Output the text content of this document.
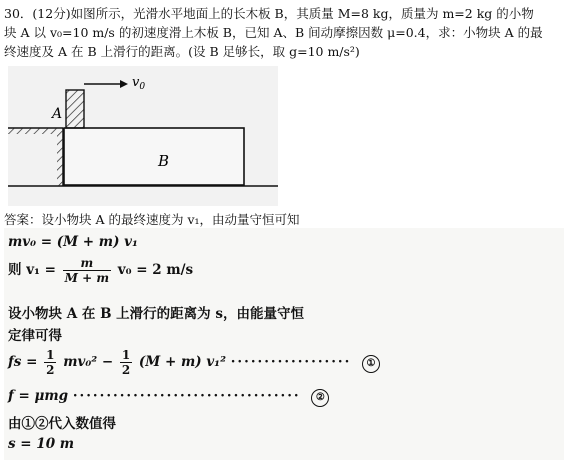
30．(12分)如图所示，光滑水平地面上的长木板 B，其质量 M=8 kg，质量为 m=2 kg 的小物
块 A 以 v₀=10 m/s 的初速度滑上木板 B，已知 A、B 间动摩擦因数 μ=0.4，求：小物块 A 的最
终速度及 A 在 B 上滑行的距离。(设 B 足够长，取 g=10 m/s²)
A
B
$v_0$
答案：设小物块 A 的最终速度为 v₁，由动量守恒可知
mv₀ = (M + m) v₁
则 $v_1 = \frac{m}{M + m} v_0 = 2$ m/s
设小物块 A 在 B 上滑行的距离为 s，由能量守恒
定律可得
fs = $\frac{1}{2} mv_0^2 - \frac{1}{2} (M + m)$ v₁² ·················· ①
f = μmg ·································· ②
由①②代入数值得
s = 10 m
